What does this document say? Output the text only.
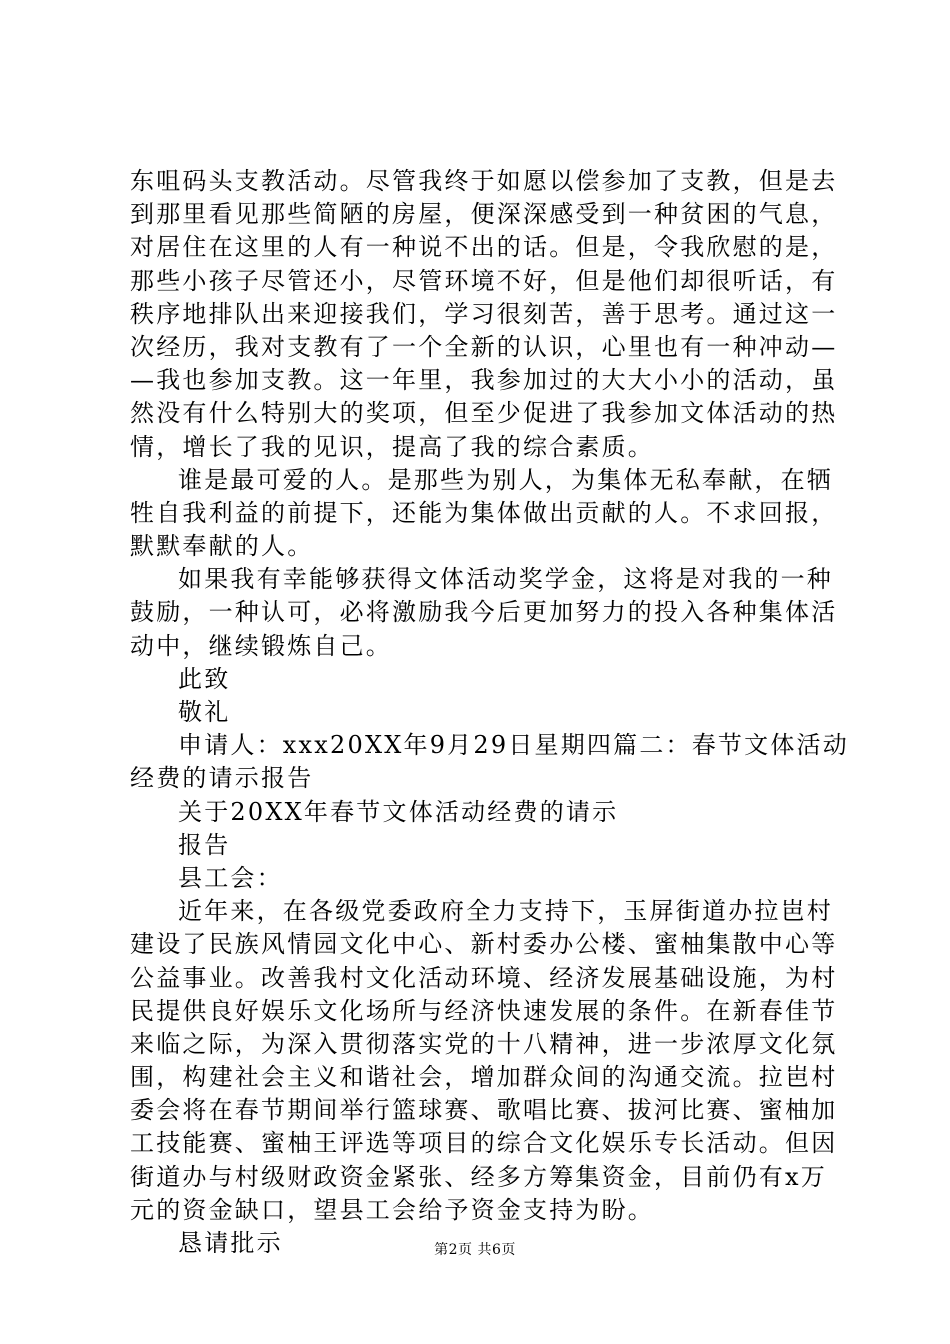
东咀码头支教活动。尽管我终于如愿以偿参加了支教，但是去
到那里看见那些简陋的房屋，便深深感受到一种贫困的气息，
对居住在这里的人有一种说不出的话。但是，令我欣慰的是，
那些小孩子尽管还小，尽管环境不好，但是他们却很听话，有
秩序地排队出来迎接我们，学习很刻苦，善于思考。通过这一
次经历，我对支教有了一个全新的认识，心里也有一种冲动—
—我也参加支教。这一年里，我参加过的大大小小的活动，虽
然没有什么特别大的奖项，但至少促进了我参加文体活动的热
情，增长了我的见识，提高了我的综合素质。
谁是最可爱的人。是那些为别人，为集体无私奉献，在牺
牲自我利益的前提下，还能为集体做出贡献的人。不求回报，
默默奉献的人。
如果我有幸能够获得文体活动奖学金，这将是对我的一种
鼓励，一种认可，必将激励我今后更加努力的投入各种集体活
动中，继续锻炼自己。
此致
敬礼
申请人：xxx20XX年9月29日星期四篇二：春节文体活动
经费的请示报告
关于20XX年春节文体活动经费的请示
报告
县工会：
近年来，在各级党委政府全力支持下，玉屏街道办拉岜村
建设了民族风情园文化中心、新村委办公楼、蜜柚集散中心等
公益事业。改善我村文化活动环境、经济发展基础设施，为村
民提供良好娱乐文化场所与经济快速发展的条件。在新春佳节
来临之际，为深入贯彻落实党的十八精神，进一步浓厚文化氛
围，构建社会主义和谐社会，增加群众间的沟通交流。拉岜村
委会将在春节期间举行篮球赛、歌唱比赛、拔河比赛、蜜柚加
工技能赛、蜜柚王评选等项目的综合文化娱乐专长活动。但因
街道办与村级财政资金紧张、经多方筹集资金，目前仍有x万
元的资金缺口，望县工会给予资金支持为盼。
恳请批示	第2页 共6页
